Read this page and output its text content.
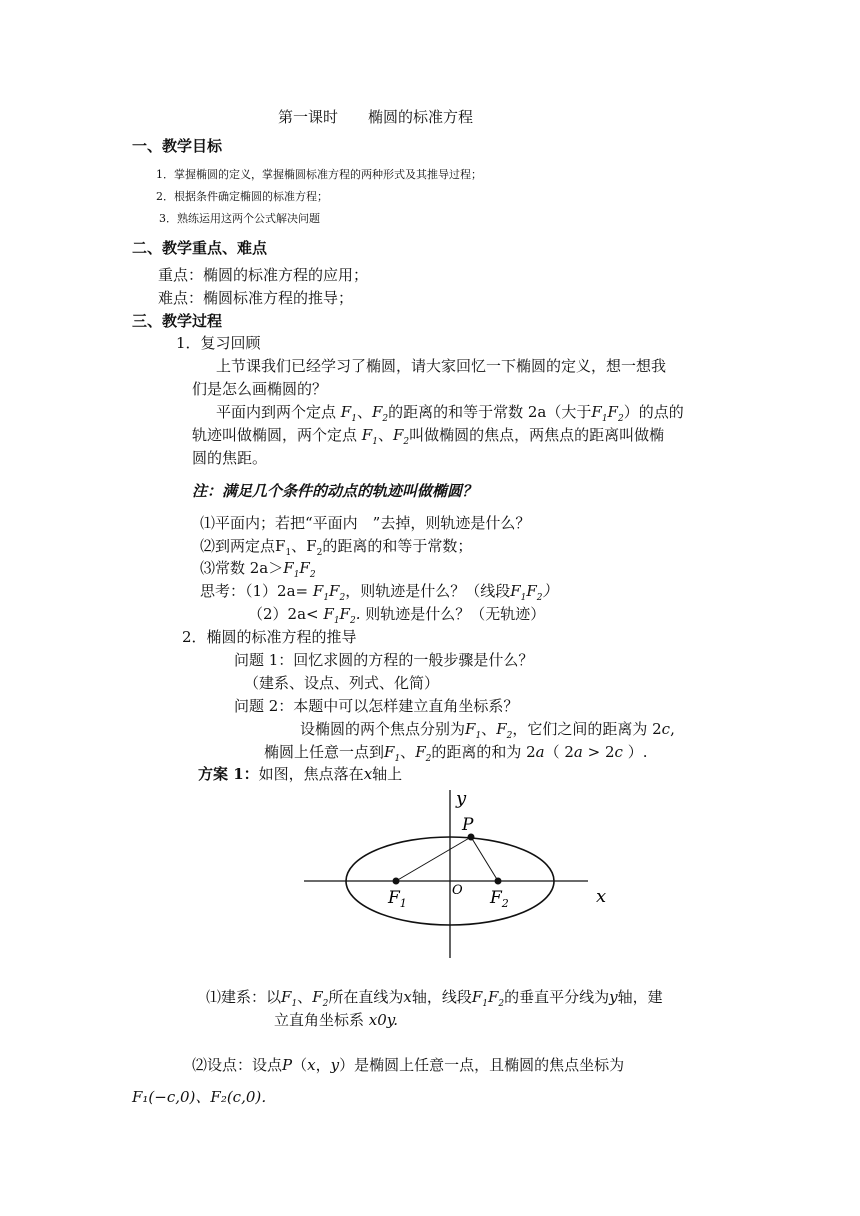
第一课时　　椭圆的标准方程
一、教学目标
1．掌握椭圆的定义，掌握椭圆标准方程的两种形式及其推导过程；
2．根据条件确定椭圆的标准方程；
3．熟练运用这两个公式解决问题
二、教学重点、难点
重点：椭圆的标准方程的应用；
难点：椭圆标准方程的推导；
三、教学过程
1．复习回顾
上节课我们已经学习了椭圆，请大家回忆一下椭圆的定义，想一想我
们是怎么画椭圆的？
平面内到两个定点 $F_1$、$F_2$的距离的和等于常数 2a（大于$F_1F_2$）的点的
轨迹叫做椭圆，两个定点 $F_1$、$F_2$叫做椭圆的焦点，两焦点的距离叫做椭
圆的焦距。
注：满足几个条件的动点的轨迹叫做椭圆？
⑴平面内；若把“平面内　”去掉，则轨迹是什么？
⑵到两定点$F_1$、$F_2$的距离的和等于常数；
⑶常数 $2a>F_1F_2$
思考：$(1)2a= F_1F_2$，则轨迹是什么？（线段$F_1F_2$）
$(2)2a< F_1F_2$. 则轨迹是什么？（无轨迹）
2．椭圆的标准方程的推导
问题 1：回忆求圆的方程的一般步骤是什么？
（建系、设点、列式、化简）
问题 2：本题中可以怎样建立直角坐标系？
设椭圆的两个焦点分别为$F_1$、$F_2$，它们之间的距离为 2c,
椭圆上任意一点到$F_1$、$F_2$的距离的和为 2a（ 2a > 2c ）.
方案 1：如图，焦点落在x轴上
y
P
x
O
$F_1$	$F_2$
⑴建系：以$F_1$、$F_2$所在直线为x轴，线段$F_1F_2$的垂直平分线为y轴，建
立直角坐标系 x0y.
⑵设点：设点P（x，y）是椭圆上任意一点，且椭圆的焦点坐标为
F₁(−c,0)、F₂(c,0)．
